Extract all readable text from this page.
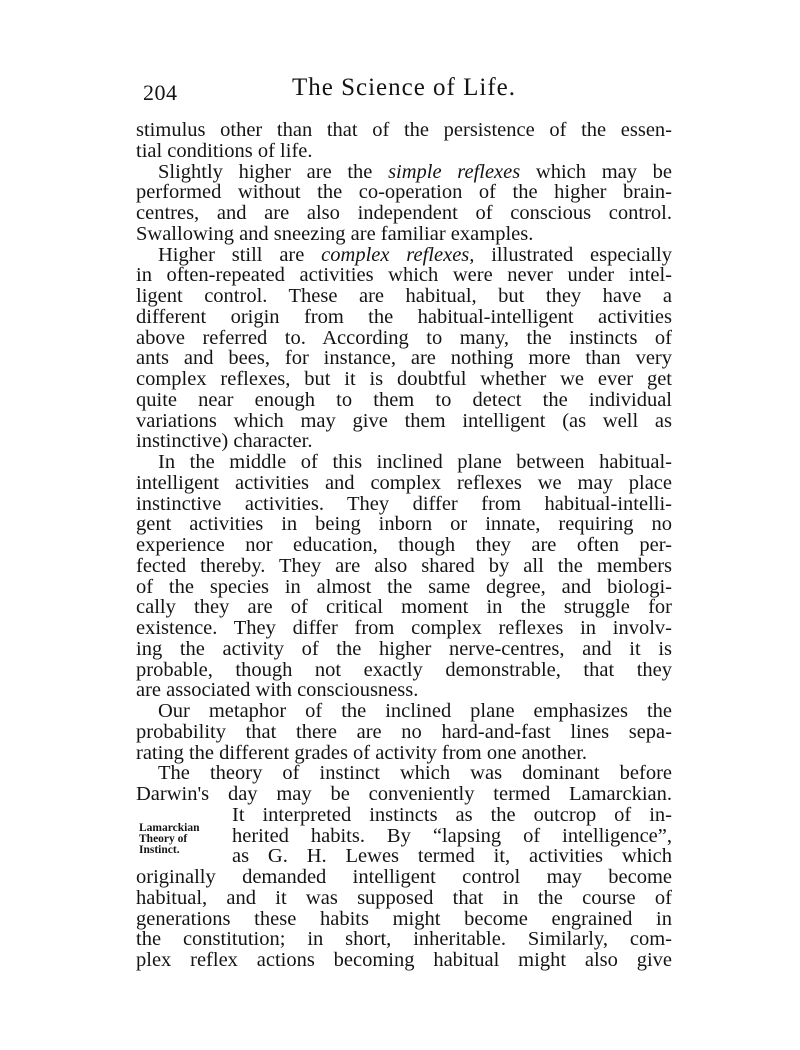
204	The Science of Life.
Lamarckian
Theory of
Instinct.
stimulus other than that of the persistence of the essen-
tial conditions of life.
Slightly higher are the simple reflexes which may be
performed without the co-operation of the higher brain-
centres, and are also independent of conscious control.
Swallowing and sneezing are familiar examples.
Higher still are complex reflexes, illustrated especially
in often-repeated activities which were never under intel-
ligent control. These are habitual, but they have a
different origin from the habitual-intelligent activities
above referred to. According to many, the instincts of
ants and bees, for instance, are nothing more than very
complex reflexes, but it is doubtful whether we ever get
quite near enough to them to detect the individual
variations which may give them intelligent (as well as
instinctive) character.
In the middle of this inclined plane between habitual-
intelligent activities and complex reflexes we may place
instinctive activities. They differ from habitual-intelli-
gent activities in being inborn or innate, requiring no
experience nor education, though they are often per-
fected thereby. They are also shared by all the members
of the species in almost the same degree, and biologi-
cally they are of critical moment in the struggle for
existence. They differ from complex reflexes in involv-
ing the activity of the higher nerve-centres, and it is
probable, though not exactly demonstrable, that they
are associated with consciousness.
Our metaphor of the inclined plane emphasizes the
probability that there are no hard-and-fast lines sepa-
rating the different grades of activity from one another.
The theory of instinct which was dominant before
Darwin's day may be conveniently termed Lamarckian.
It interpreted instincts as the outcrop of in-
herited habits. By “lapsing of intelligence”,
as G. H. Lewes termed it, activities which
originally demanded intelligent control may become
habitual, and it was supposed that in the course of
generations these habits might become engrained in
the constitution; in short, inheritable. Similarly, com-
plex reflex actions becoming habitual might also give
